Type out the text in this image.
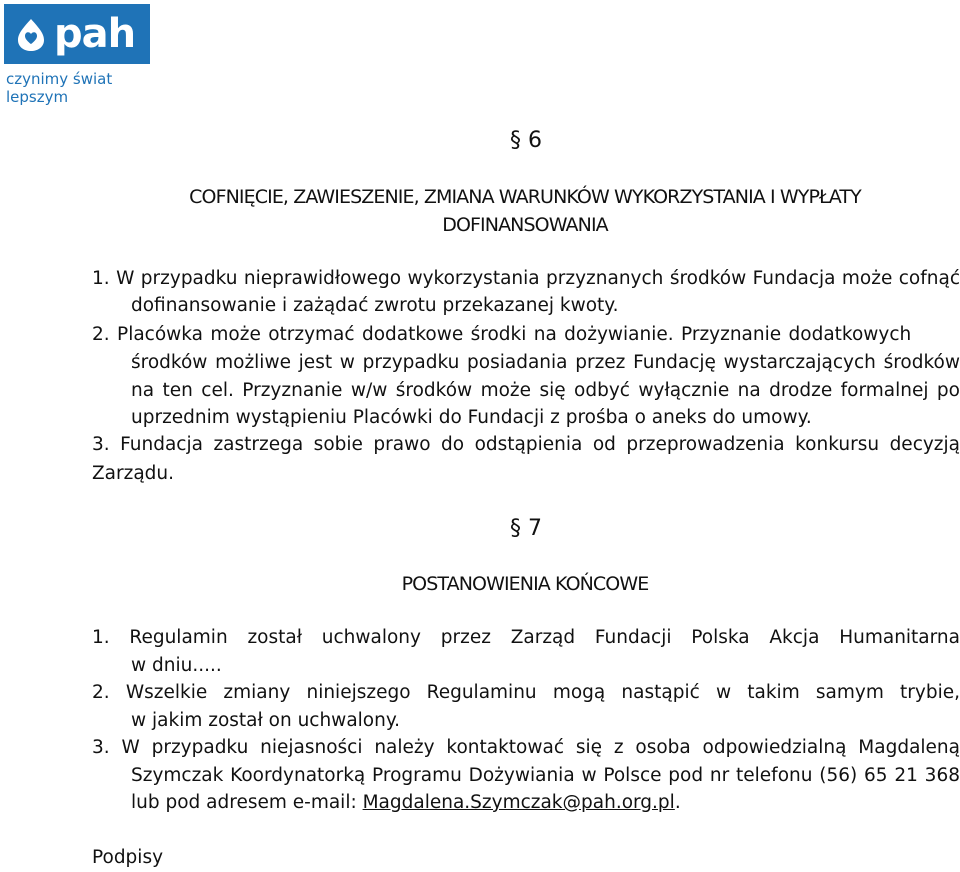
pah
czynimy świat lepszym
§ 6
COFNIĘCIE, ZAWIESZENIE, ZMIANA WARUNKÓW WYKORZYSTANIA I WYPŁATY
DOFINANSOWANIA
1. W przypadku nieprawidłowego wykorzystania przyznanych środków Fundacja może cofnąć
dofinansowanie i zażądać zwrotu przekazanej kwoty.
2. Placówka może otrzymać dodatkowe środki na dożywianie. Przyznanie dodatkowych
środków możliwe jest w przypadku posiadania przez Fundację wystarczających środków
na ten cel. Przyznanie w/w środków może się odbyć wyłącznie na drodze formalnej po
uprzednim wystąpieniu Placówki do Fundacji z prośba o aneks do umowy.
3. Fundacja zastrzega sobie prawo do odstąpienia od przeprowadzenia konkursu decyzją
Zarządu.
§ 7
POSTANOWIENIA KOŃCOWE
1. Regulamin został uchwalony przez Zarząd Fundacji Polska Akcja Humanitarna
w dniu.....
2. Wszelkie zmiany niniejszego Regulaminu mogą nastąpić w takim samym trybie,
w jakim został on uchwalony.
3. W przypadku niejasności należy kontaktować się z osoba odpowiedzialną Magdaleną
Szymczak Koordynatorką Programu Dożywiania w Polsce pod nr telefonu (56) 65 21 368
lub pod adresem e-mail: Magdalena.Szymczak@pah.org.pl.
Podpisy
